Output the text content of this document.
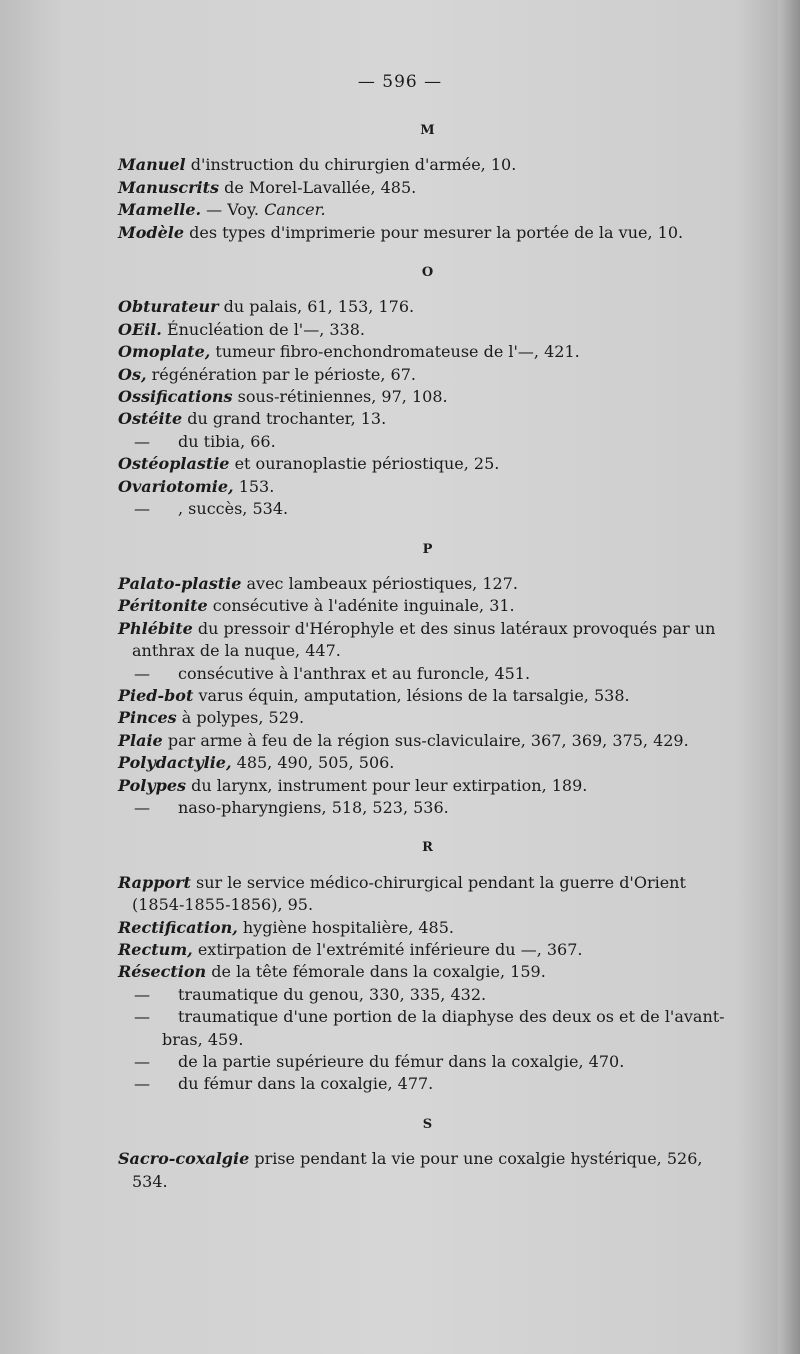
— 596 —
M

Manuel d'instruction du chirurgien d'armée, 10.

Manuscrits de Morel-Lavallée, 485.

Mamelle. — Voy. Cancer.

Modèle des types d'imprimerie pour mesurer la portée de la vue, 10.

O

Obturateur du palais, 61, 153, 176.

OEil. Énucléation de l'—, 338.

Omoplate, tumeur fibro-enchondromateuse de l'—, 421.

Os, régénération par le périoste, 67.

Ossifications sous-rétiniennes, 97, 108.

Ostéite du grand trochanter, 13.

— du tibia, 66.

Ostéoplastie et ouranoplastie périostique, 25.

Ovariotomie, 153.

— , succès, 534.

P

Palato-plastie avec lambeaux périostiques, 127.

Péritonite consécutive à l'adénite inguinale, 31.

Phlébite du pressoir d'Hérophyle et des sinus latéraux provoqués par un anthrax de la nuque, 447.

— consécutive à l'anthrax et au furoncle, 451.

Pied-bot varus équin, amputation, lésions de la tarsalgie, 538.

Pinces à polypes, 529.

Plaie par arme à feu de la région sus-claviculaire, 367, 369, 375, 429.

Polydactylie, 485, 490, 505, 506.

Polypes du larynx, instrument pour leur extirpation, 189.

— naso-pharyngiens, 518, 523, 536.

R

Rapport sur le service médico-chirurgical pendant la guerre d'Orient (1854-1855-1856), 95.

Rectification, hygiène hospitalière, 485.

Rectum, extirpation de l'extrémité inférieure du —, 367.

Résection de la tête fémorale dans la coxalgie, 159.

— traumatique du genou, 330, 335, 432.

— traumatique d'une portion de la diaphyse des deux os et de l'avant-bras, 459.

— de la partie supérieure du fémur dans la coxalgie, 470.

— du fémur dans la coxalgie, 477.

S

Sacro-coxalgie prise pendant la vie pour une coxalgie hystérique, 526, 534.
